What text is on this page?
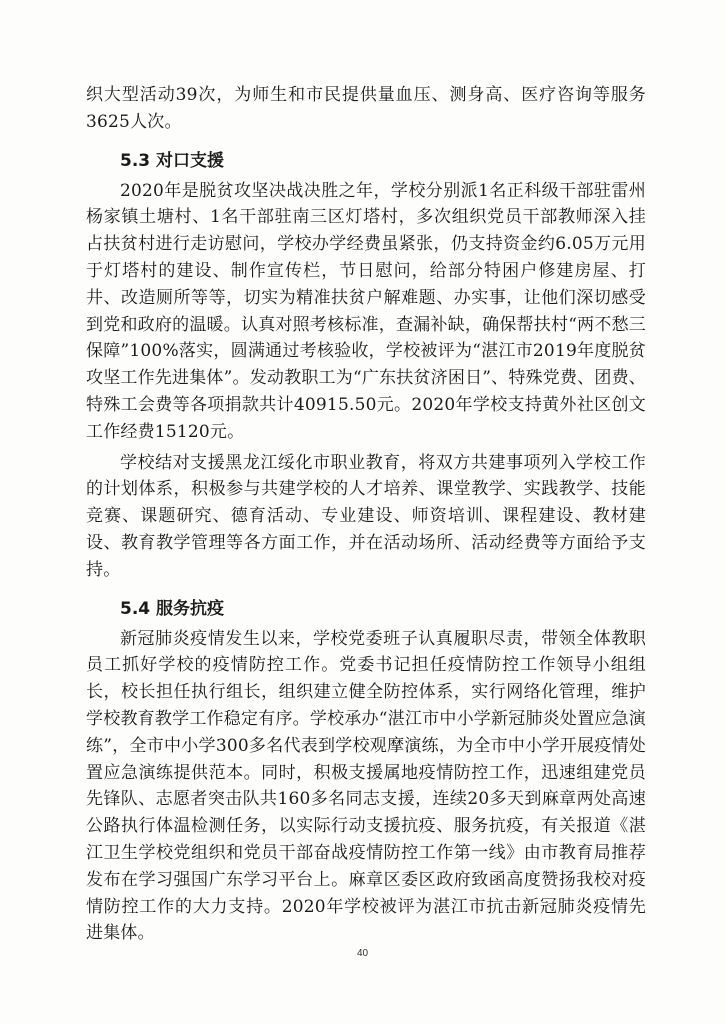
织大型活动39次，为师生和市民提供量血压、测身高、医疗咨询等服务3625人次。

5.3 对口支援

2020年是脱贫攻坚决战决胜之年，学校分别派1名正科级干部驻雷州杨家镇土塘村、1名干部驻南三区灯塔村，多次组织党员干部教师深入挂占扶贫村进行走访慰问，学校办学经费虽紧张，仍支持资金约6.05万元用于灯塔村的建设、制作宣传栏，节日慰问，给部分特困户修建房屋、打井、改造厕所等等，切实为精准扶贫户解难题、办实事，让他们深切感受到党和政府的温暖。认真对照考核标准，查漏补缺，确保帮扶村“两不愁三保障”100%落实，圆满通过考核验收，学校被评为“湛江市2019年度脱贫攻坚工作先进集体”。发动教职工为“广东扶贫济困日”、特殊党费、团费、特殊工会费等各项捐款共计40915.50元。2020年学校支持黄外社区创文工作经费15120元。

学校结对支援黑龙江绥化市职业教育，将双方共建事项列入学校工作的计划体系，积极参与共建学校的人才培养、课堂教学、实践教学、技能竞赛、课题研究、德育活动、专业建设、师资培训、课程建设、教材建设、教育教学管理等各方面工作，并在活动场所、活动经费等方面给予支持。

5.4 服务抗疫

新冠肺炎疫情发生以来，学校党委班子认真履职尽责，带领全体教职员工抓好学校的疫情防控工作。党委书记担任疫情防控工作领导小组组长，校长担任执行组长，组织建立健全防控体系，实行网络化管理，维护学校教育教学工作稳定有序。学校承办“湛江市中小学新冠肺炎处置应急演练”，全市中小学300多名代表到学校观摩演练，为全市中小学开展疫情处置应急演练提供范本。同时，积极支援属地疫情防控工作，迅速组建党员先锋队、志愿者突击队共160多名同志支援，连续20多天到麻章两处高速公路执行体温检测任务，以实际行动支援抗疫、服务抗疫，有关报道《湛江卫生学校党组织和党员干部奋战疫情防控工作第一线》由市教育局推荐发布在学习强国广东学习平台上。麻章区委区政府致函高度赞扬我校对疫情防控工作的大力支持。2020年学校被评为湛江市抗击新冠肺炎疫情先进集体。

40
